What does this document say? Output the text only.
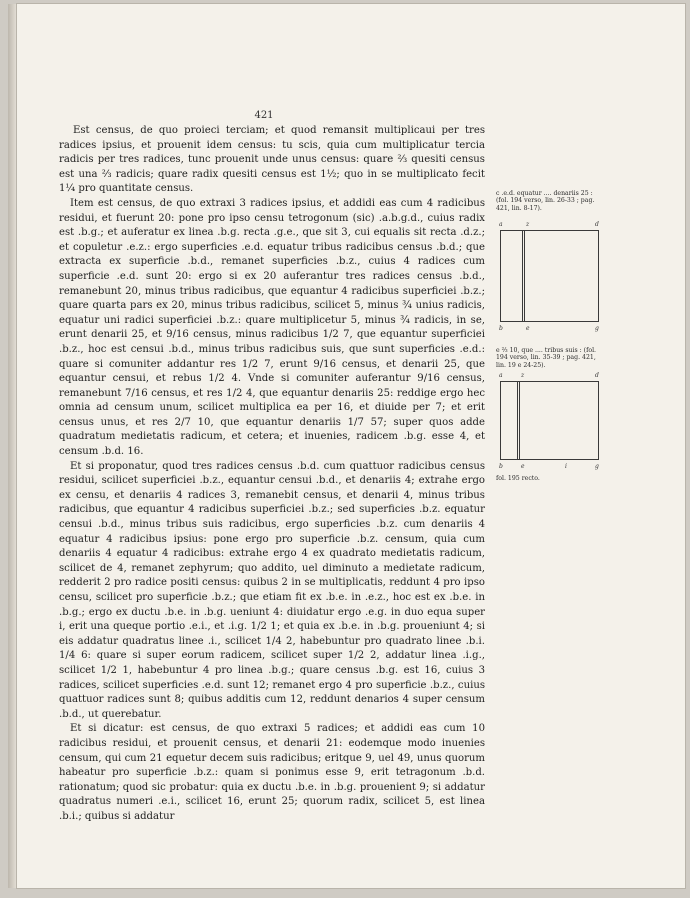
421

Est census, de quo proieci terciam; et quod remansit multiplicaui per tres radices ipsius, et prouenit idem census: tu scis, quia cum multiplicatur tercia radicis per tres radices, tunc prouenit unde unus census: quare ⅔ quesiti census est una ⅔ radicis; quare radix quesiti census est 1½; quo in se multiplicato fecit 1¼ pro quantitate census.

Item est census, de quo extraxi 3 radices ipsius, et addidi eas cum 4 radicibus residui, et fuerunt 20: pone pro ipso censu tetrogonum (sic) .a.b.g.d., cuius radix est .b.g.; et auferatur ex linea .b.g. recta .g.e., que sit 3, cui equalis sit recta .d.z.; et copuletur .e.z.: ergo superficies .e.d. equatur tribus radicibus census .b.d.; que extracta ex superficie .b.d., remanet superficies .b.z., cuius 4 radices cum superficie .e.d. sunt 20: ergo si ex 20 auferantur tres radices census .b.d., remanebunt 20, minus tribus radicibus, que equantur 4 radicibus superficiei .b.z.; quare quarta pars ex 20, minus tribus radicibus, scilicet 5, minus ¾ unius radicis, equatur uni radici superficiei .b.z.: quare multiplicetur 5, minus ¾ radicis, in se, erunt denarii 25, et 9/16 census, minus radicibus 1/2 7, que equantur superficiei .b.z., hoc est censui .b.d., minus tribus radicibus suis, que sunt superficies .e.d.: quare si comuniter addantur res 1/2 7, erunt 9/16 census, et denarii 25, que equantur censui, et rebus 1/2 4. Vnde si comuniter auferantur 9/16 census, remanebunt 7/16 census, et res 1/2 4, que equantur denariis 25: reddige ergo hec omnia ad censum unum, scilicet multiplica ea per 16, et diuide per 7; et erit census unus, et res 2/7 10, que equantur denariis 1/7 57; super quos adde quadratum medietatis radicum, et cetera; et inuenies, radicem .b.g. esse 4, et censum .b.d. 16.

Et si proponatur, quod tres radices census .b.d. cum quattuor radicibus census residui, scilicet superficiei .b.z., equantur censui .b.d., et denariis 4; extrahe ergo ex censu, et denariis 4 radices 3, remanebit census, et denarii 4, minus tribus radicibus, que equantur 4 radicibus superficiei .b.z.; sed superficies .b.z. equatur censui .b.d., minus tribus suis radicibus, ergo superficies .b.z. cum denariis 4 equatur 4 radicibus ipsius: pone ergo pro superficie .b.z. censum, quia cum denariis 4 equatur 4 radicibus: extrahe ergo 4 ex quadrato medietatis radicum, scilicet de 4, remanet zephyrum; quo addito, uel diminuto a medietate radicum, redderit 2 pro radice positi census: quibus 2 in se multiplicatis, reddunt 4 pro ipso censu, scilicet pro superficie .b.z.; que etiam fit ex .b.e. in .e.z., hoc est ex .b.e. in .b.g.; ergo ex ductu .b.e. in .b.g. ueniunt 4: diuidatur ergo .e.g. in duo equa super i, erit una queque portio .e.i., et .i.g. 1/2 1; et quia ex .b.e. in .b.g. proueniunt 4; si eis addatur quadratus linee .i., scilicet 1/4 2, habebuntur pro quadrato linee .b.i. 1/4 6: quare si super eorum radicem, scilicet super 1/2 2, addatur linea .i.g., scilicet 1/2 1, habebuntur 4 pro linea .b.g.; quare census .b.g. est 16, cuius 3 radices, scilicet superficies .e.d. sunt 12; remanet ergo 4 pro superficie .b.z., cuius quattuor radices sunt 8; quibus additis cum 12, reddunt denarios 4 super censum .b.d., ut querebatur.

Et si dicatur: est census, de quo extraxi 5 radices; et addidi eas cum 10 radicibus residui, et prouenit census, et denarii 21: eodemque modo inuenies censum, qui cum 21 equetur decem suis radicibus; eritque 9, uel 49, unus quorum habeatur pro superficie .b.z.: quam si ponimus esse 9, erit tetragonum .b.d. rationatum; quod sic probatur: quia ex ductu .b.e. in .b.g. prouenient 9; si addatur quadratus numeri .e.i., scilicet 16, erunt 25; quorum radix, scilicet 5, est linea .b.i.; quibus si addatur

c .e.d. equatur .... denariis 25 : (fol. 194 verso, lin. 26-33 ; pag. 421, lin. 8-17).
a	z	d
b	e	g
e ⅔ 10, que .... tribus suis : (fol. 194 verso, lin. 35-39 ; pag. 421, lin. 19 e 24-25).
a	z	d
b	e	i	g
fol. 195 recto.
